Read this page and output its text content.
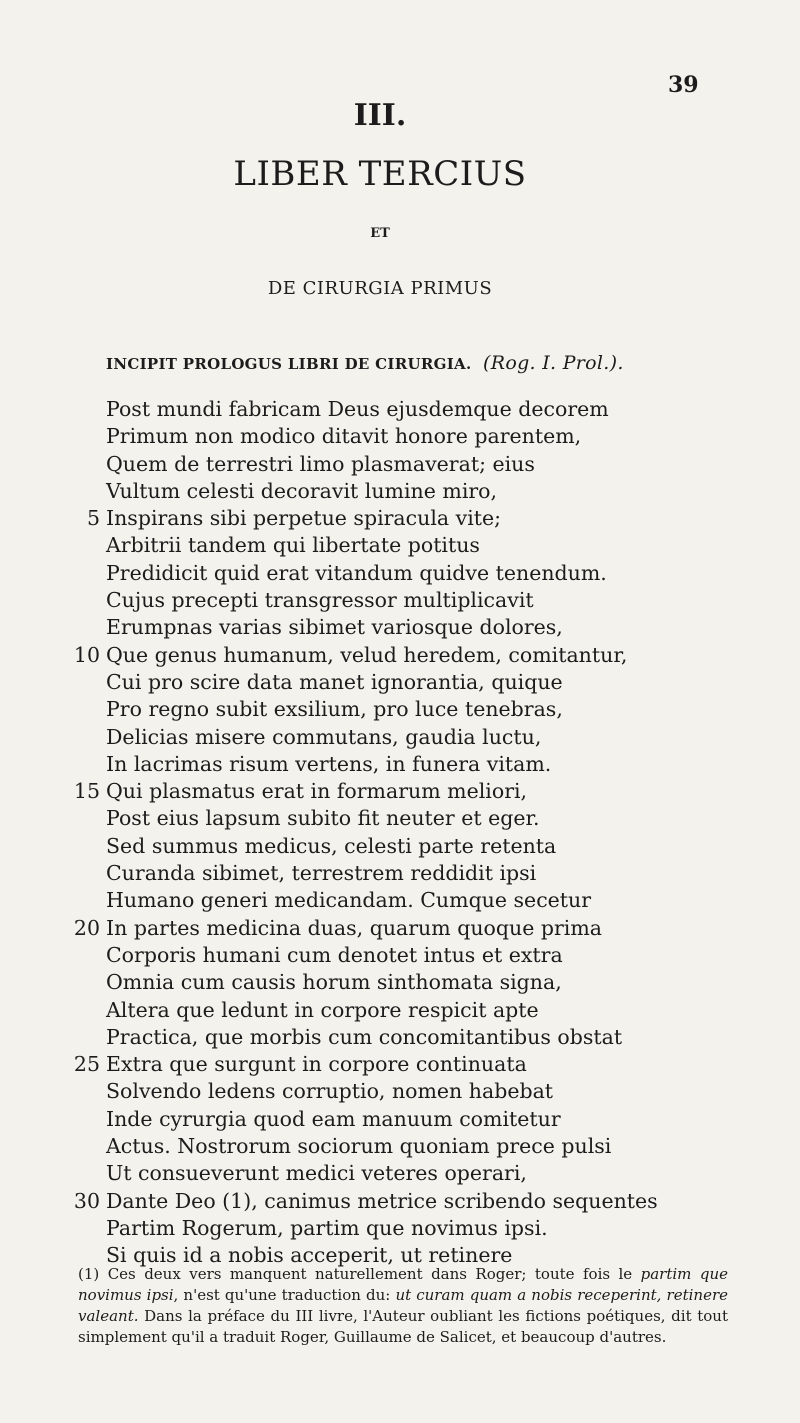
39
III.
LIBER TERCIUS
ET
DE CIRURGIA PRIMUS
INCIPIT PROLOGUS LIBRI DE CIRURGIA. (Rog. I. Prol.).
Post mundi fabricam Deus ejusdemque decorem
Primum non modico ditavit honore parentem,
Quem de terrestri limo plasmaverat; eius
Vultum celesti decoravit lumine miro,
5 Inspirans sibi perpetue spiracula vite;
Arbitrii tandem qui libertate potitus
Predidicit quid erat vitandum quidve tenendum.
Cujus precepti transgressor multiplicavit
Erumpnas varias sibimet variosque dolores,
10 Que genus humanum, velud heredem, comitantur,
Cui pro scire data manet ignorantia, quique
Pro regno subit exsilium, pro luce tenebras,
Delicias misere commutans, gaudia luctu,
In lacrimas risum vertens, in funera vitam.
15 Qui plasmatus erat in formarum meliori,
Post eius lapsum subito fit neuter et eger.
Sed summus medicus, celesti parte retenta
Curanda sibimet, terrestrem reddidit ipsi
Humano generi medicandam. Cumque secetur
20 In partes medicina duas, quarum quoque prima
Corporis humani cum denotet intus et extra
Omnia cum causis horum sinthomata signa,
Altera que ledunt in corpore respicit apte
Practica, que morbis cum concomitantibus obstat
25 Extra que surgunt in corpore continuata
Solvendo ledens corruptio, nomen habebat
Inde cyrurgia quod eam manuum comitetur
Actus. Nostrorum sociorum quoniam prece pulsi
Ut consueverunt medici veteres operari,
30 Dante Deo (1), canimus metrice scribendo sequentes
Partim Rogerum, partim que novimus ipsi.
Si quis id a nobis acceperit, ut retinere
(1) Ces deux vers manquent naturellement dans Roger; toute fois le partim que novimus ipsi, n'est qu'une traduction du: ut curam quam a nobis receperint, retinere valeant. Dans la préface du III livre, l'Auteur oubliant les fictions poétiques, dit tout simplement qu'il a traduit Roger, Guillaume de Salicet, et beaucoup d'autres.
